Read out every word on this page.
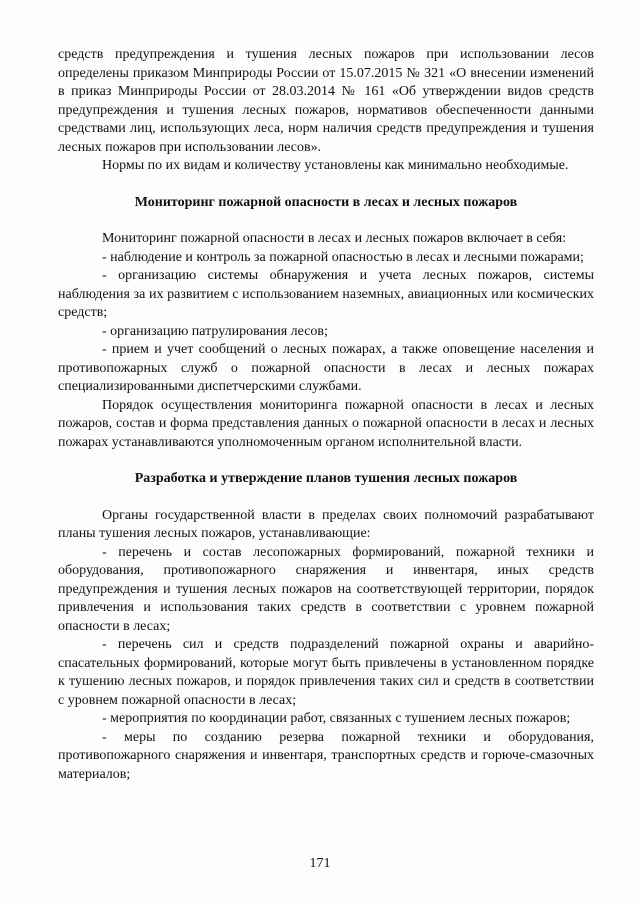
средств предупреждения и тушения лесных пожаров при использовании лесов определены приказом Минприроды России от 15.07.2015 № 321 «О внесении изменений в приказ Минприроды России от 28.03.2014 № 161 «Об утверждении видов средств предупреждения и тушения лесных пожаров, нормативов обеспеченности данными средствами лиц, использующих леса, норм наличия средств предупреждения и тушения лесных пожаров при использовании лесов».

Нормы по их видам и количеству установлены как минимально необходимые.

Мониторинг пожарной опасности в лесах и лесных пожаров

Мониторинг пожарной опасности в лесах и лесных пожаров включает в себя:

- наблюдение и контроль за пожарной опасностью в лесах и лесными пожарами;

- организацию системы обнаружения и учета лесных пожаров, системы наблюдения за их развитием с использованием наземных, авиационных или космических средств;

- организацию патрулирования лесов;

- прием и учет сообщений о лесных пожарах, а также оповещение населения и противопожарных служб о пожарной опасности в лесах и лесных пожарах специализированными диспетчерскими службами.

Порядок осуществления мониторинга пожарной опасности в лесах и лесных пожаров, состав и форма представления данных о пожарной опасности в лесах и лесных пожарах устанавливаются уполномоченным органом исполнительной власти.

Разработка и утверждение планов тушения лесных пожаров

Органы государственной власти в пределах своих полномочий разрабатывают планы тушения лесных пожаров, устанавливающие:

- перечень и состав лесопожарных формирований, пожарной техники и оборудования, противопожарного снаряжения и инвентаря, иных средств предупреждения и тушения лесных пожаров на соответствующей территории, порядок привлечения и использования таких средств в соответствии с уровнем пожарной опасности в лесах;

- перечень сил и средств подразделений пожарной охраны и аварийно-спасательных формирований, которые могут быть привлечены в установленном порядке к тушению лесных пожаров, и порядок привлечения таких сил и средств в соответствии с уровнем пожарной опасности в лесах;

- мероприятия по координации работ, связанных с тушением лесных пожаров;

- меры по созданию резерва пожарной техники и оборудования, противопожарного снаряжения и инвентаря, транспортных средств и горюче-смазочных материалов;

171
